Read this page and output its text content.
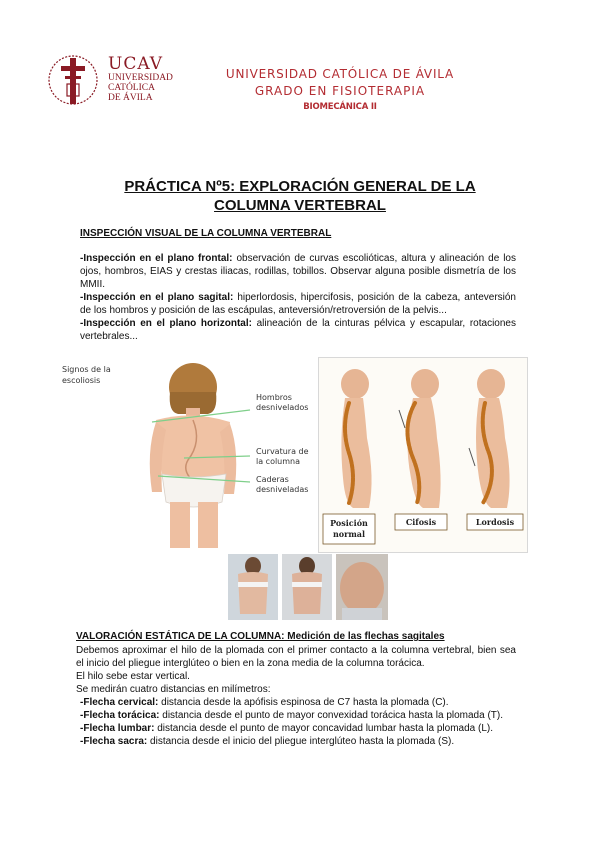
UCAV
UNIVERSIDAD
CATÓLICA
DE ÁVILA
UNIVERSIDAD CATÓLICA DE ÁVILA
GRADO EN FISIOTERAPIA
BIOMECÁNICA II
PRÁCTICA Nº5: EXPLORACIÓN GENERAL DE LA
COLUMNA VERTEBRAL
INSPECCIÓN VISUAL DE LA COLUMNA VERTEBRAL
-Inspección en el plano frontal: observación de curvas escolióticas, altura y alineación de los ojos, hombros, EIAS y crestas iliacas, rodillas, tobillos. Observar alguna posible dismetría de los MMII.
-Inspección en el plano sagital: hiperlordosis, hipercifosis, posición de la cabeza, anteversión de los hombros y posición de las escápulas, anteversión/retroversión de la pelvis...
-Inspección en el plano horizontal: alineación de la cinturas pélvica y escapular, rotaciones vertebrales...
Signos de la
escoliosis
Hombros
desnivelados
Curvatura de
la columna
Caderas
desniveladas
Posición
normal
Cifosis	Lordosis
VALORACIÓN ESTÁTICA DE LA COLUMNA: Medición de las flechas sagitales
Debemos aproximar el hilo de la plomada con el primer contacto a la columna vertebral, bien sea el inicio del pliegue interglúteo o bien en la zona media de la columna torácica.
El hilo sebe estar vertical.
Se medirán cuatro distancias en milímetros:
-Flecha cervical: distancia desde la apófisis espinosa de C7 hasta la plomada (C).
-Flecha torácica: distancia desde el punto de mayor convexidad torácica hasta la plomada (T).
-Flecha lumbar: distancia desde el punto de mayor concavidad lumbar hasta la plomada (L).
-Flecha sacra: distancia desde el inicio del pliegue interglúteo hasta la plomada (S).
